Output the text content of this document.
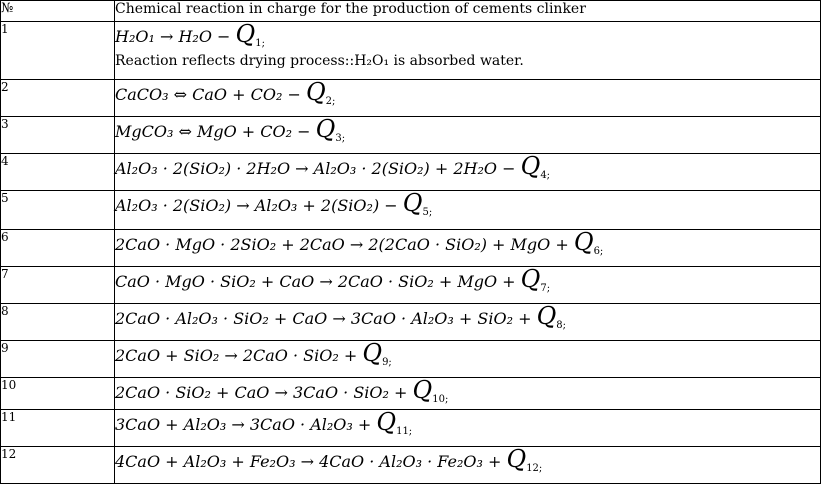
№	Chemical reaction in charge for the production of cements clinker
1	$H_2O_1 \to H_2O - Q_{1;}$
Reaction reflects drying process::H₂O₁ is absorbed water.

2	CaCO₃ ⇔ CaO + $CO_2 - Q_{2;}$

3	MgCO₃ ⇔ MgO + $CO_2 - Q_{3;}$

4	$Al_2O_3 \cdot 2(SiO_2) \cdot 2H_2O \to Al_2O_3 \cdot 2(SiO_2) + 2H_2O - Q_{4;}$

5	$Al_2O_3 \cdot 2(SiO_2) \to Al_2O_3 + 2(SiO_2) - Q_{5;}$

6	2CaO · MgO · 2SiO₂ + 2CaO → 2(2CaO · SiO₂) + MgO + $Q_{6;}$

7	CaO · MgO · SiO₂ + CaO → 2CaO · SiO₂ + MgO + $Q_{7;}$

8	2CaO · Al₂O₃ · SiO₂ + CaO → $3CaO \cdot Al_2O_3 + SiO_2 + Q_{8;}$

9	$2CaO + SiO_2 \to 2CaO \cdot SiO_2 + Q_{9;}$

10	2CaO · SiO₂ + CaO → $3CaO \cdot SiO_2 + Q_{10;}$

11	$3CaO + Al_2O_3 \to 3CaO \cdot Al_2O_3 + Q_{11;}$

12	$4CaO + Al_2O_3 + Fe_2O_3 \to 4CaO \cdot Al_2O_3 \cdot Fe_2O_3 + Q_{12;}$
